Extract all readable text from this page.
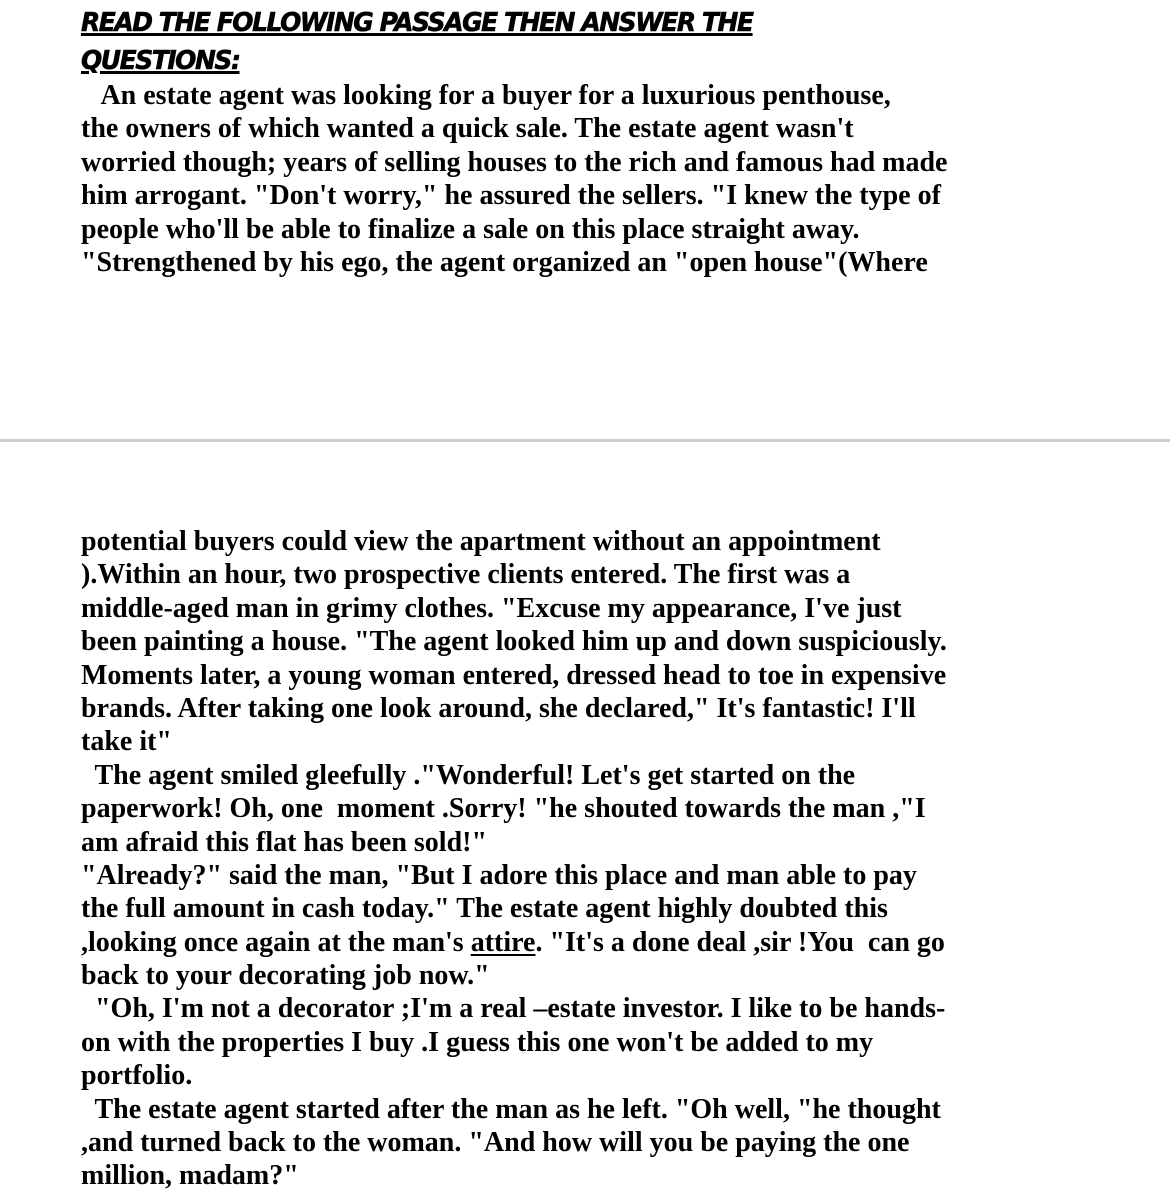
READ THE FOLLOWING PASSAGE THEN ANSWER THE QUESTIONS:
An estate agent was looking for a buyer for a luxurious penthouse,
the owners of which wanted a quick sale. The estate agent wasn't
worried though; years of selling houses to the rich and famous had made
him arrogant. "Don't worry," he assured the sellers. "I knew the type of
people who'll be able to finalize a sale on this place straight away.
"Strengthened by his ego, the agent organized an "open house"(Where
potential buyers could view the apartment without an appointment
).Within an hour, two prospective clients entered. The first was a
middle-aged man in grimy clothes. "Excuse my appearance, I've just
been painting a house. "The agent looked him up and down suspiciously.
Moments later, a young woman entered, dressed head to toe in expensive
brands. After taking one look around, she declared," It's fantastic! I'll
take it"
The agent smiled gleefully ."Wonderful! Let's get started on the
paperwork! Oh, one  moment .Sorry! "he shouted towards the man ,"I
am afraid this flat has been sold!"
"Already?" said the man, "But I adore this place and man able to pay
the full amount in cash today." The estate agent highly doubted this
,looking once again at the man's attire. "It's a done deal ,sir !You  can go
back to your decorating job now."
"Oh, I'm not a decorator ;I'm a real –estate investor. I like to be hands-
on with the properties I buy .I guess this one won't be added to my
portfolio.
The estate agent started after the man as he left. "Oh well, "he thought
,and turned back to the woman. "And how will you be paying the one
million, madam?"
